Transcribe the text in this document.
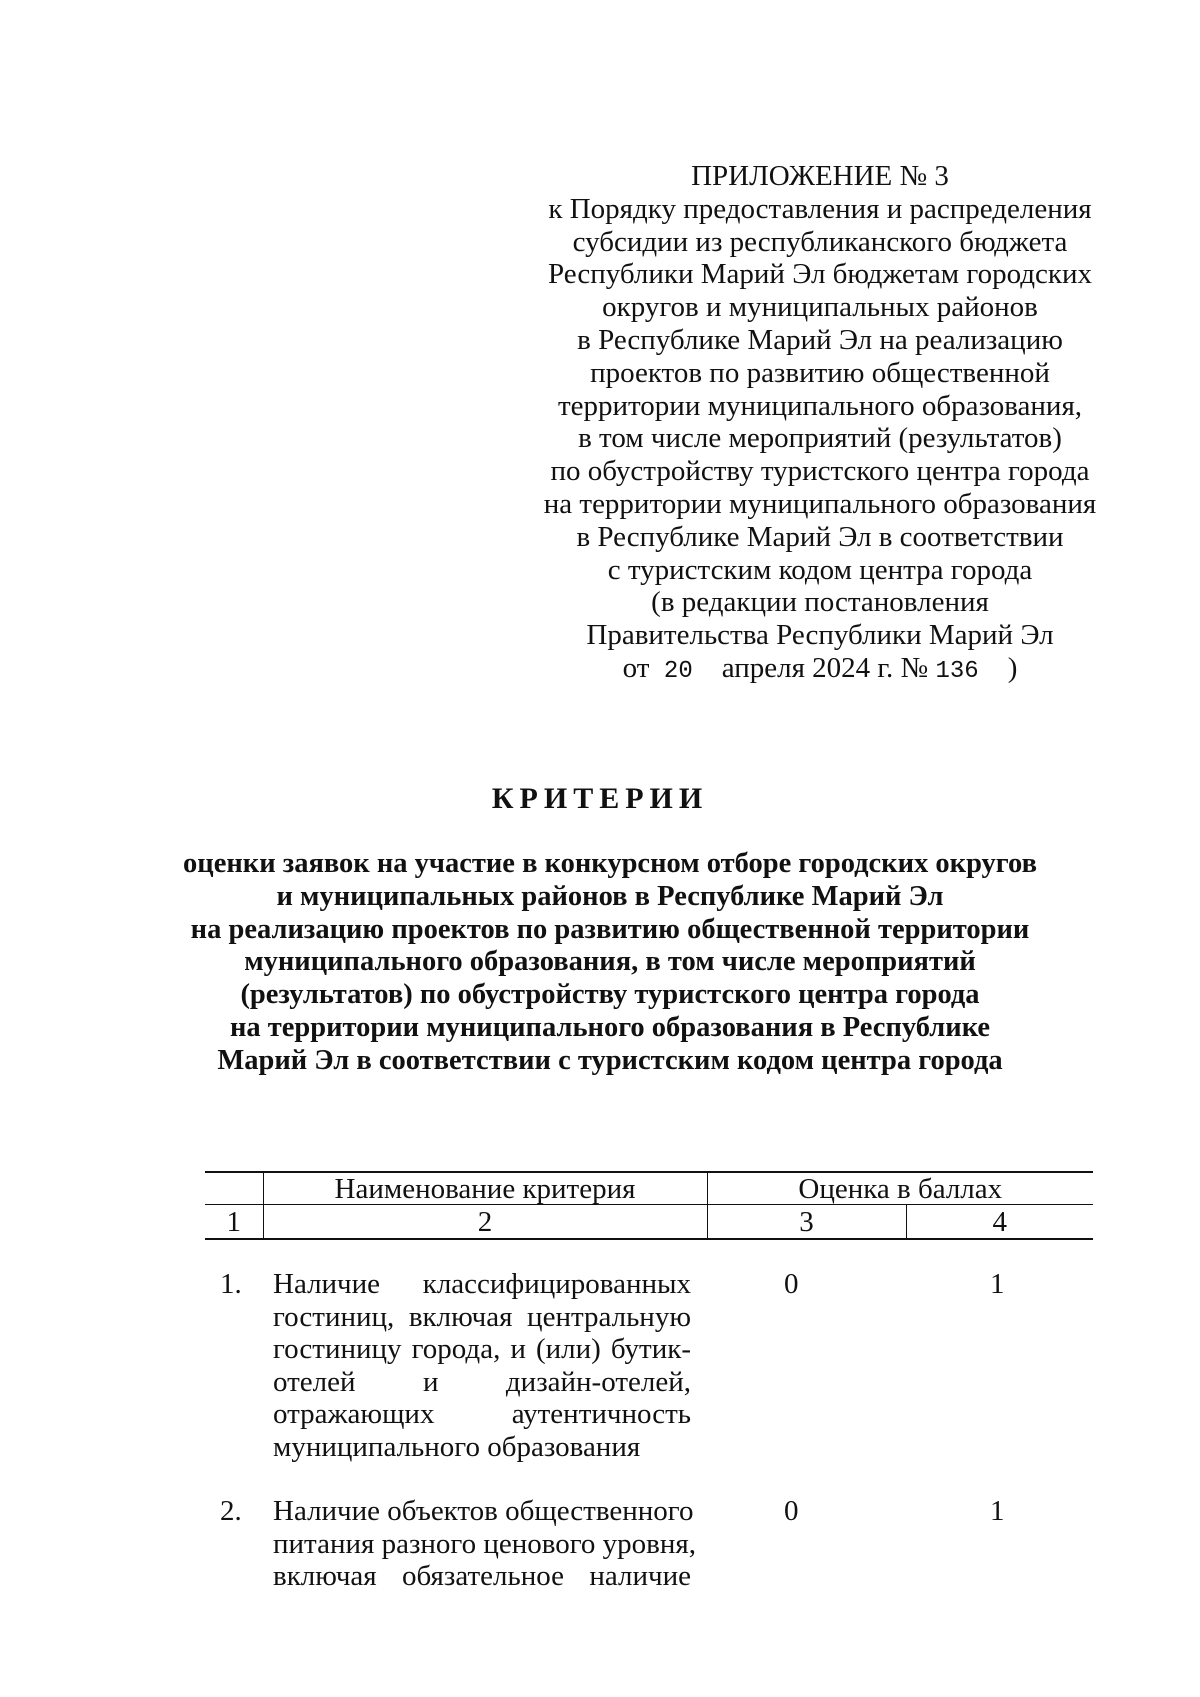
ПРИЛОЖЕНИЕ № 3
к Порядку предоставления и распределения
субсидии из республиканского бюджета
Республики Марий Эл бюджетам городских
округов и муниципальных районов
в Республике Марий Эл на реализацию
проектов по развитию общественной
территории муниципального образования,
в том числе мероприятий (результатов)
по обустройству туристского центра города
на территории муниципального образования
в Республике Марий Эл в соответствии
с туристским кодом центра города
(в редакции постановления
Правительства Республики Марий Эл
от 20 апреля 2024 г. № 136 )
КРИТЕРИИ
оценки заявок на участие в конкурсном отборе городских округов
и муниципальных районов в Республике Марий Эл
на реализацию проектов по развитию общественной территории
муниципального образования, в том числе мероприятий
(результатов) по обустройству туристского центра города
на территории муниципального образования в Республике
Марий Эл в соответствии с туристским кодом центра города
	Наименование критерия	Оценка в баллах	
1	2	3	4
1.	Наличие классифицированных
гостиниц, включая центральную
гостиницу города, и (или) бутик-
отелей и дизайн-отелей,
отражающих аутентичность
муниципального образования
0	1
2.	Наличие объектов общественного
питания разного ценового уровня,
включая обязательное наличие
0	1
